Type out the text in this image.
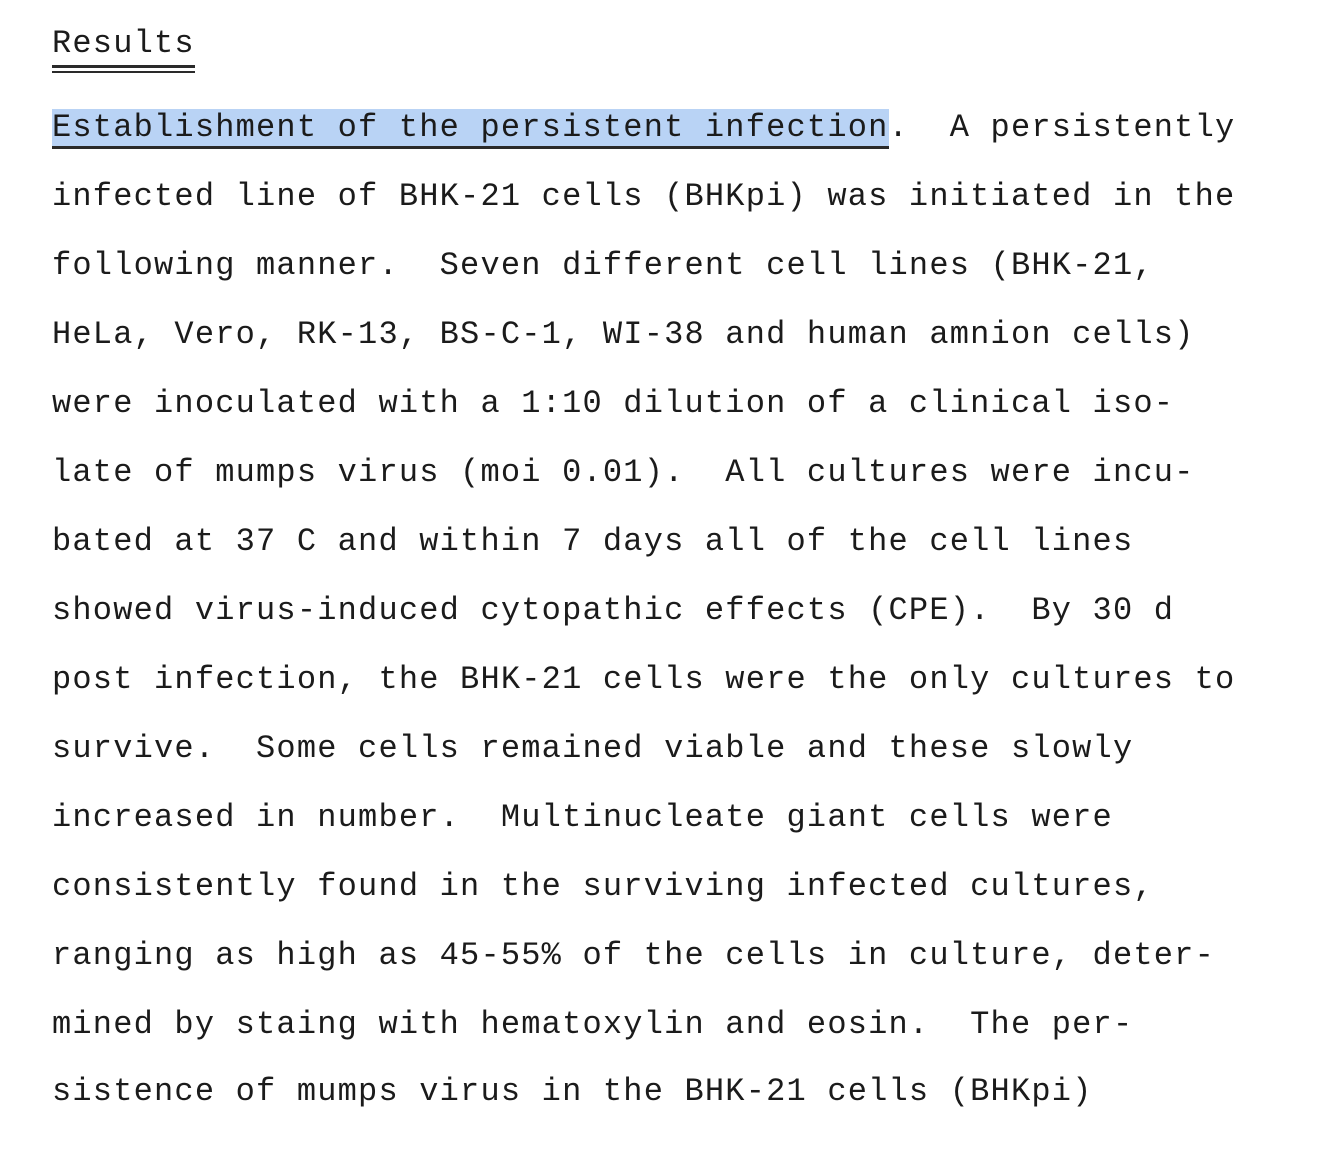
Results
Establishment of the persistent infection.  A persistently
infected line of BHK-21 cells (BHKpi) was initiated in the
following manner.  Seven different cell lines (BHK-21,
HeLa, Vero, RK-13, BS-C-1, WI-38 and human amnion cells)
were inoculated with a 1:10 dilution of a clinical iso-
late of mumps virus (moi 0.01).  All cultures were incu-
bated at 37 C and within 7 days all of the cell lines
showed virus-induced cytopathic effects (CPE).  By 30 d
post infection, the BHK-21 cells were the only cultures to
survive.  Some cells remained viable and these slowly
increased in number.  Multinucleate giant cells were
consistently found in the surviving infected cultures,
ranging as high as 45-55% of the cells in culture, deter-
mined by staing with hematoxylin and eosin.  The per-
sistence of mumps virus in the BHK-21 cells (BHKpi)
